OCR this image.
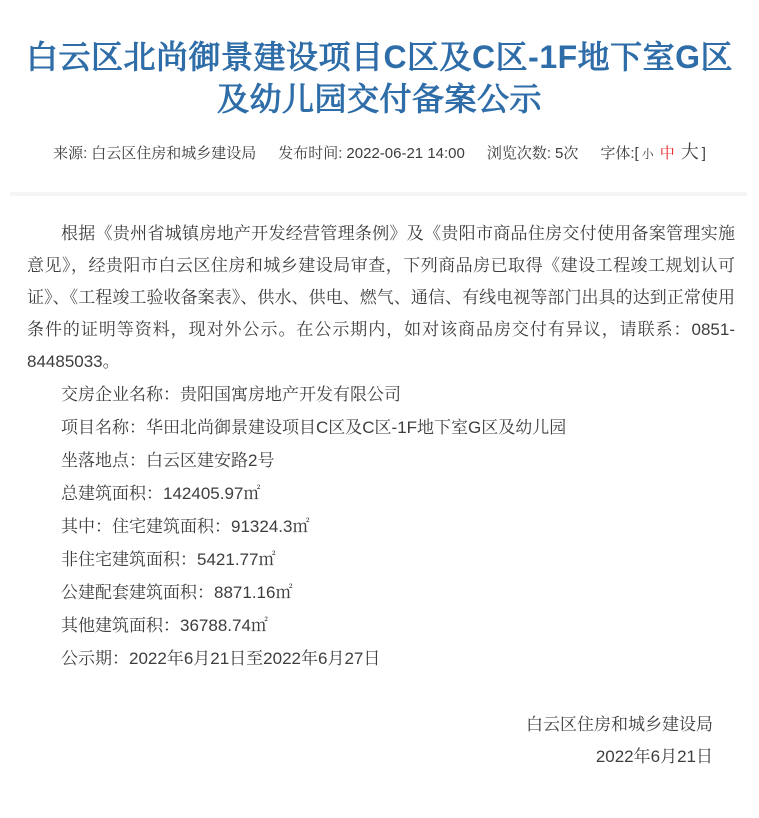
白云区北尚御景建设项目C区及C区-1F地下室G区及幼儿园交付备案公示
来源: 白云区住房和城乡建设局 发布时间: 2022-06-21 14:00 浏览次数: 5次 字体:[ 小 中 大 ]

根据《贵州省城镇房地产开发经营管理条例》及《贵阳市商品住房交付使用备案管理实施意见》，经贵阳市白云区住房和城乡建设局审查，下列商品房已取得《建设工程竣工规划认可证》、《工程竣工验收备案表》、供水、供电、燃气、通信、有线电视等部门出具的达到正常使用条件的证明等资料，现对外公示。在公示期内，如对该商品房交付有异议，请联系：0851-84485033。

交房企业名称：贵阳国寓房地产开发有限公司

项目名称：华田北尚御景建设项目C区及C区-1F地下室G区及幼儿园

坐落地点：白云区建安路2号

总建筑面积：142405.97㎡

其中：住宅建筑面积：91324.3㎡

非住宅建筑面积：5421.77㎡

公建配套建筑面积：8871.16㎡

其他建筑面积：36788.74㎡

公示期：2022年6月21日至2022年6月27日

白云区住房和城乡建设局

2022年6月21日
